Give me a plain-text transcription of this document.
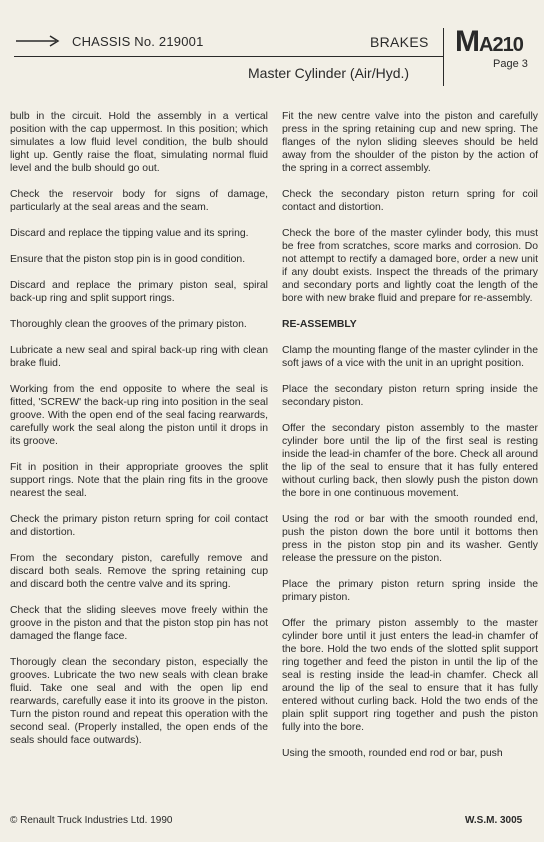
CHASSIS No. 219001	BRAKES
Master Cylinder (Air/Hyd.)
MA210
Page 3

bulb in the circuit. Hold the assembly in a vertical position with the cap uppermost. In this position; which simulates a low fluid level condition, the bulb should light up. Gently raise the float, simulating normal fluid level and the bulb should go out.

Check the reservoir body for signs of damage, particularly at the seal areas and the seam.

Discard and replace the tipping value and its spring.

Ensure that the piston stop pin is in good condition.

Discard and replace the primary piston seal, spiral back-up ring and split support rings.

Thoroughly clean the grooves of the primary piston.

Lubricate a new seal and spiral back-up ring with clean brake fluid.

Working from the end opposite to where the seal is fitted, 'SCREW' the back-up ring into position in the seal groove. With the open end of the seal facing rearwards, carefully work the seal along the piston until it drops in its groove.

Fit in position in their appropriate grooves the split support rings. Note that the plain ring fits in the groove nearest the seal.

Check the primary piston return spring for coil contact and distortion.

From the secondary piston, carefully remove and discard both seals. Remove the spring retaining cup and discard both the centre valve and its spring.

Check that the sliding sleeves move freely within the groove in the piston and that the piston stop pin has not damaged the flange face.

Thorougly clean the secondary piston, especially the grooves. Lubricate the two new seals with clean brake fluid. Take one seal and with the open lip end rearwards, carefully ease it into its groove in the piston. Turn the piston round and repeat this operation with the second seal. (Properly installed, the open ends of the seals should face outwards).

Fit the new centre valve into the piston and carefully press in the spring retaining cup and new spring. The flanges of the nylon sliding sleeves should be held away from the shoulder of the piston by the action of the spring in a correct assembly.

Check the secondary piston return spring for coil contact and distortion.

Check the bore of the master cylinder body, this must be free from scratches, score marks and corrosion. Do not attempt to rectify a damaged bore, order a new unit if any doubt exists. Inspect the threads of the primary and secondary ports and lightly coat the length of the bore with new brake fluid and prepare for re-assembly.

RE-ASSEMBLY

Clamp the mounting flange of the master cylinder in the soft jaws of a vice with the unit in an upright position.

Place the secondary piston return spring inside the secondary piston.

Offer the secondary piston assembly to the master cylinder bore until the lip of the first seal is resting inside the lead-in chamfer of the bore. Check all around the lip of the seal to ensure that it has fully entered without curling back, then slowly push the piston down the bore in one continuous movement.

Using the rod or bar with the smooth rounded end, push the piston down the bore until it bottoms then press in the piston stop pin and its washer. Gently release the pressure on the piston.

Place the primary piston return spring inside the primary piston.

Offer the primary piston assembly to the master cylinder bore until it just enters the lead-in chamfer of the bore. Hold the two ends of the slotted split support ring together and feed the piston in until the lip of the seal is resting inside the lead-in chamfer. Check all around the lip of the seal to ensure that it has fully entered without curling back. Hold the two ends of the plain split support ring together and push the piston fully into the bore.

Using the smooth, rounded end rod or bar, push

© Renault Truck Industries Ltd. 1990	W.S.M. 3005
